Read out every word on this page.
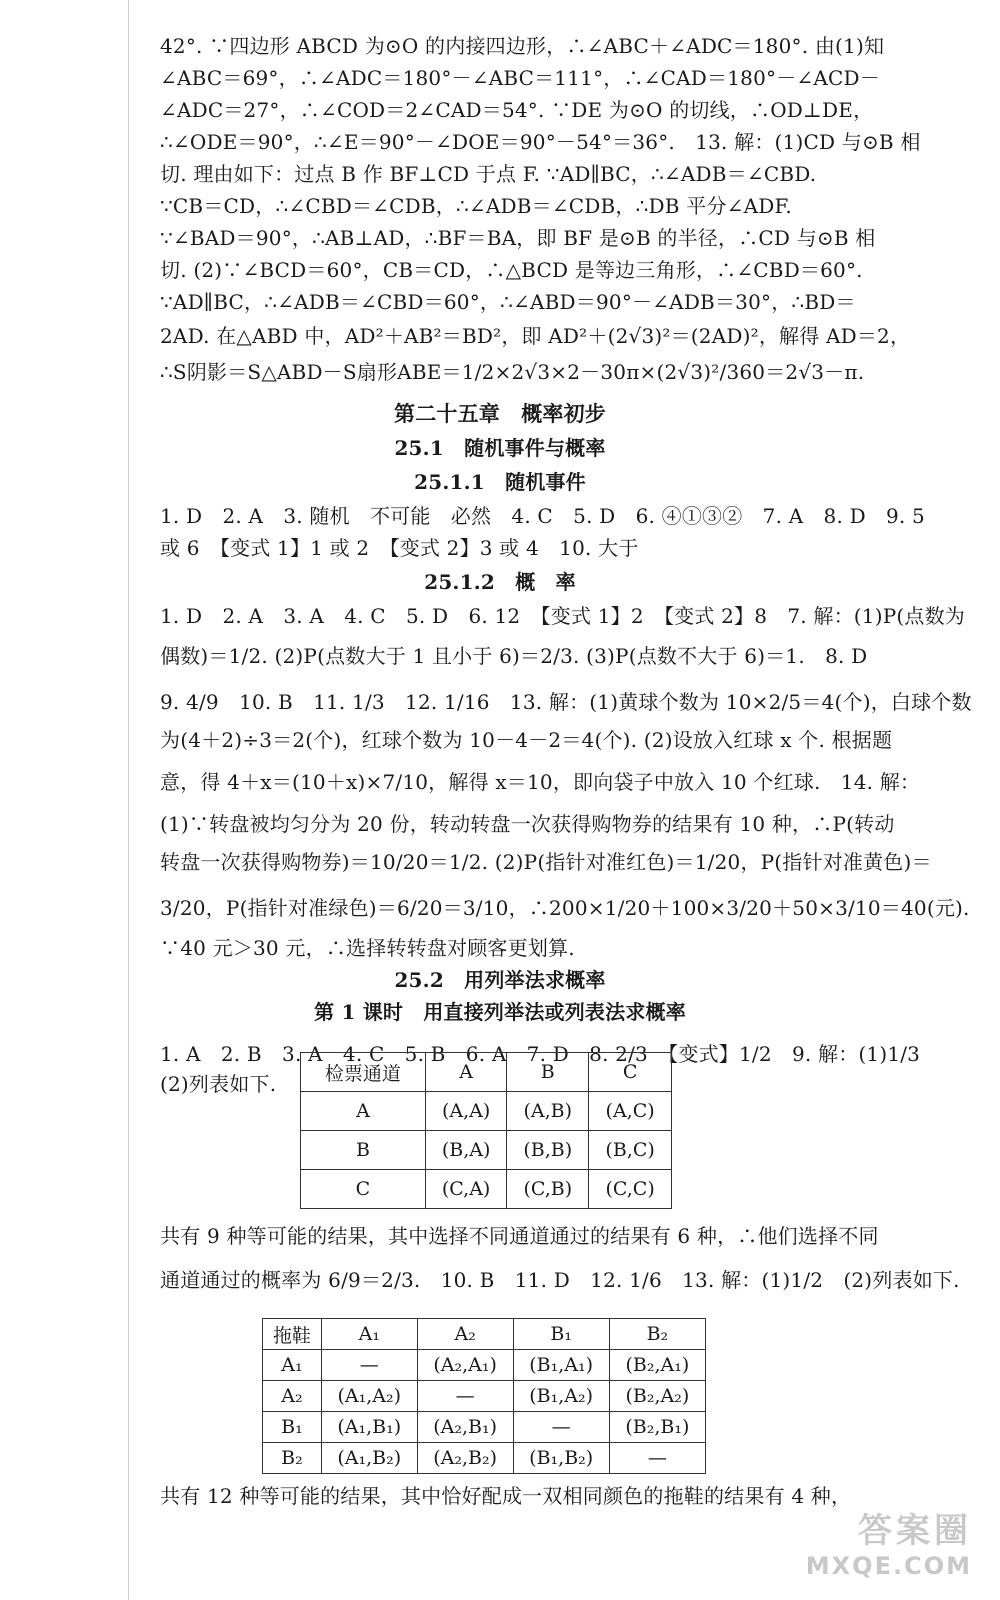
42°. ∵四边形 ABCD 为⊙O 的内接四边形，∴∠ABC＋∠ADC＝180°. 由(1)知
∠ABC＝69°，∴∠ADC＝180°－∠ABC＝111°，∴∠CAD＝180°－∠ACD－
∠ADC＝27°，∴∠COD＝2∠CAD＝54°. ∵DE 为⊙O 的切线，∴OD⊥DE，
∴∠ODE＝90°，∴∠E＝90°－∠DOE＝90°－54°＝36°.　13. 解：(1)CD 与⊙B 相
切. 理由如下：过点 B 作 BF⊥CD 于点 F. ∵AD∥BC，∴∠ADB＝∠CBD.
∵CB＝CD，∴∠CBD＝∠CDB，∴∠ADB＝∠CDB，∴DB 平分∠ADF.
∵∠BAD＝90°，∴AB⊥AD，∴BF＝BA，即 BF 是⊙B 的半径，∴CD 与⊙B 相
切. (2)∵∠BCD＝60°，CB＝CD，∴△BCD 是等边三角形，∴∠CBD＝60°.
∵AD∥BC，∴∠ADB＝∠CBD＝60°，∴∠ABD＝90°－∠ADB＝30°，∴BD＝
2AD. 在△ABD 中，AD²＋AB²＝BD²，即 AD²＋(2√3)²＝(2AD)²，解得 AD＝2，
∴S阴影＝S△ABD－S扇形ABE＝1/2×2√3×2－30π×(2√3)²/360＝2√3－π.
第二十五章　概率初步
25.1　随机事件与概率
25.1.1　随机事件
1. D　2. A　3. 随机　不可能　必然　4. C　5. D　6. ④①③②　7. A　8. D　9. 5
或 6　【变式 1】1 或 2　【变式 2】3 或 4　10. 大于
25.1.2　概　率
1. D　2. A　3. A　4. C　5. D　6. 12　【变式 1】2　【变式 2】8　7. 解：(1)P(点数为
偶数)＝1/2. (2)P(点数大于 1 且小于 6)＝2/3. (3)P(点数不大于 6)＝1.　8. D
9. 4/9　10. B　11. 1/3　12. 1/16　13. 解：(1)黄球个数为 10×2/5＝4(个)，白球个数
为(4＋2)÷3＝2(个)，红球个数为 10－4－2＝4(个). (2)设放入红球 x 个. 根据题
意，得 4＋x＝(10＋x)×7/10，解得 x＝10，即向袋子中放入 10 个红球.　14. 解：
(1)∵转盘被均匀分为 20 份，转动转盘一次获得购物券的结果有 10 种，∴P(转动
转盘一次获得购物券)＝10/20＝1/2. (2)P(指针对准红色)＝1/20，P(指针对准黄色)＝
3/20，P(指针对准绿色)＝6/20＝3/10，∴200×1/20＋100×3/20＋50×3/10＝40(元).
∵40 元＞30 元，∴选择转转盘对顾客更划算.
25.2　用列举法求概率
第 1 课时　用直接列举法或列表法求概率
1. A　2. B　3. A　4. C　5. B　6. A　7. D　8. 2/3　【变式】1/2　9. 解：(1)1/3
(2)列表如下.	检票通道	A	B	C
A	(A,A)	(A,B)	(A,C)
B	(B,A)	(B,B)	(B,C)
C	(C,A)	(C,B)	(C,C)
共有 9 种等可能的结果，其中选择不同通道通过的结果有 6 种，∴他们选择不同
通道通过的概率为 6/9＝2/3.　10. B　11. D　12. 1/6　13. 解：(1)1/2　(2)列表如下.
拖鞋	A₁	A₂	B₁	B₂
A₁	—	(A₂,A₁)	(B₁,A₁)	(B₂,A₁)
A₂	(A₁,A₂)	—	(B₁,A₂)	(B₂,A₂)
B₁	(A₁,B₁)	(A₂,B₁)	—	(B₂,B₁)
B₂	(A₁,B₂)	(A₂,B₂)	(B₁,B₂)	—
共有 12 种等可能的结果，其中恰好配成一双相同颜色的拖鞋的结果有 4 种，
答案圈
MXQE.COM
